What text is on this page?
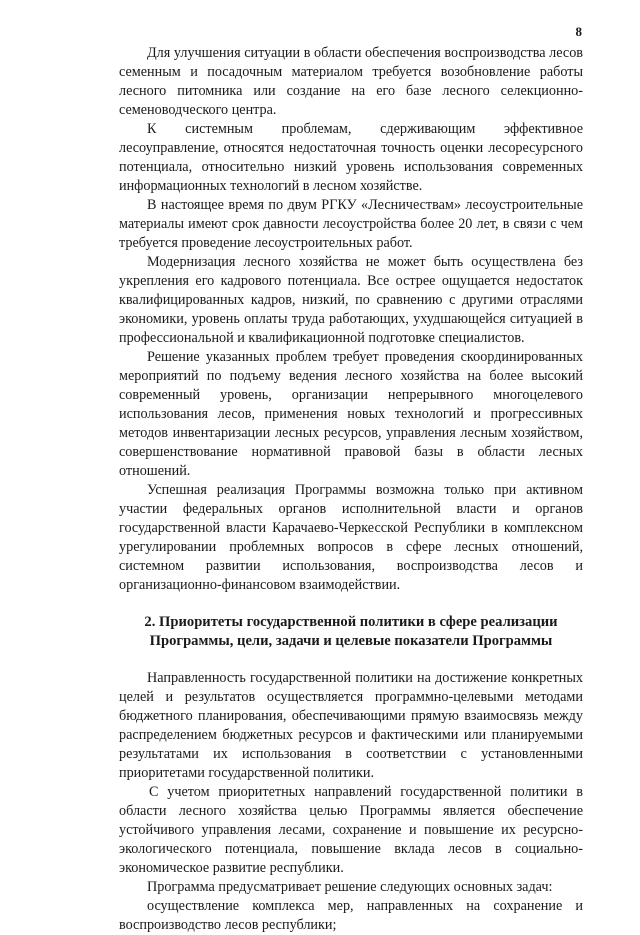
8

Для улучшения ситуации в области обеспечения воспроизводства лесов семенным и посадочным материалом требуется возобновление работы лесного питомника или создание на его базе лесного селекционно-семеноводческого центра.

К системным проблемам, сдерживающим эффективное лесоуправление, относятся недостаточная точность оценки лесоресурсного потенциала, относительно низкий уровень использования современных информационных технологий в лесном хозяйстве.

В настоящее время по двум РГКУ «Лесничествам» лесоустроительные материалы имеют срок давности лесоустройства более 20 лет, в связи с чем требуется проведение лесоустроительных работ.

Модернизация лесного хозяйства не может быть осуществлена без укрепления его кадрового потенциала. Все острее ощущается недостаток квалифицированных кадров, низкий, по сравнению с другими отраслями экономики, уровень оплаты труда работающих, ухудшающейся ситуацией в профессиональной и квалификационной подготовке специалистов.

Решение указанных проблем требует проведения скоординированных мероприятий по подъему ведения лесного хозяйства на более высокий современный уровень, организации непрерывного многоцелевого использования лесов, применения новых технологий и прогрессивных методов инвентаризации лесных ресурсов, управления лесным хозяйством, совершенствование нормативной правовой базы в области лесных отношений.

Успешная реализация Программы возможна только при активном участии федеральных органов исполнительной власти и органов государственной власти Карачаево-Черкесской Республики в комплексном урегулировании проблемных вопросов в сфере лесных отношений, системном развитии использования, воспроизводства лесов и организационно-финансовом взаимодействии.

2. Приоритеты государственной политики в сфере реализации
Программы, цели, задачи и целевые показатели Программы

Направленность государственной политики на достижение конкретных целей и результатов осуществляется программно-целевыми методами бюджетного планирования, обеспечивающими прямую взаимосвязь между распределением бюджетных ресурсов и фактическими или планируемыми результатами их использования в соответствии с установленными приоритетами государственной политики.

С учетом приоритетных направлений государственной политики в области лесного хозяйства целью Программы является обеспечение устойчивого управления лесами, сохранение и повышение их ресурсно-экологического потенциала, повышение вклада лесов в социально-экономическое развитие республики.

Программа предусматривает решение следующих основных задач:

осуществление комплекса мер, направленных на сохранение и воспроизводство лесов республики;
